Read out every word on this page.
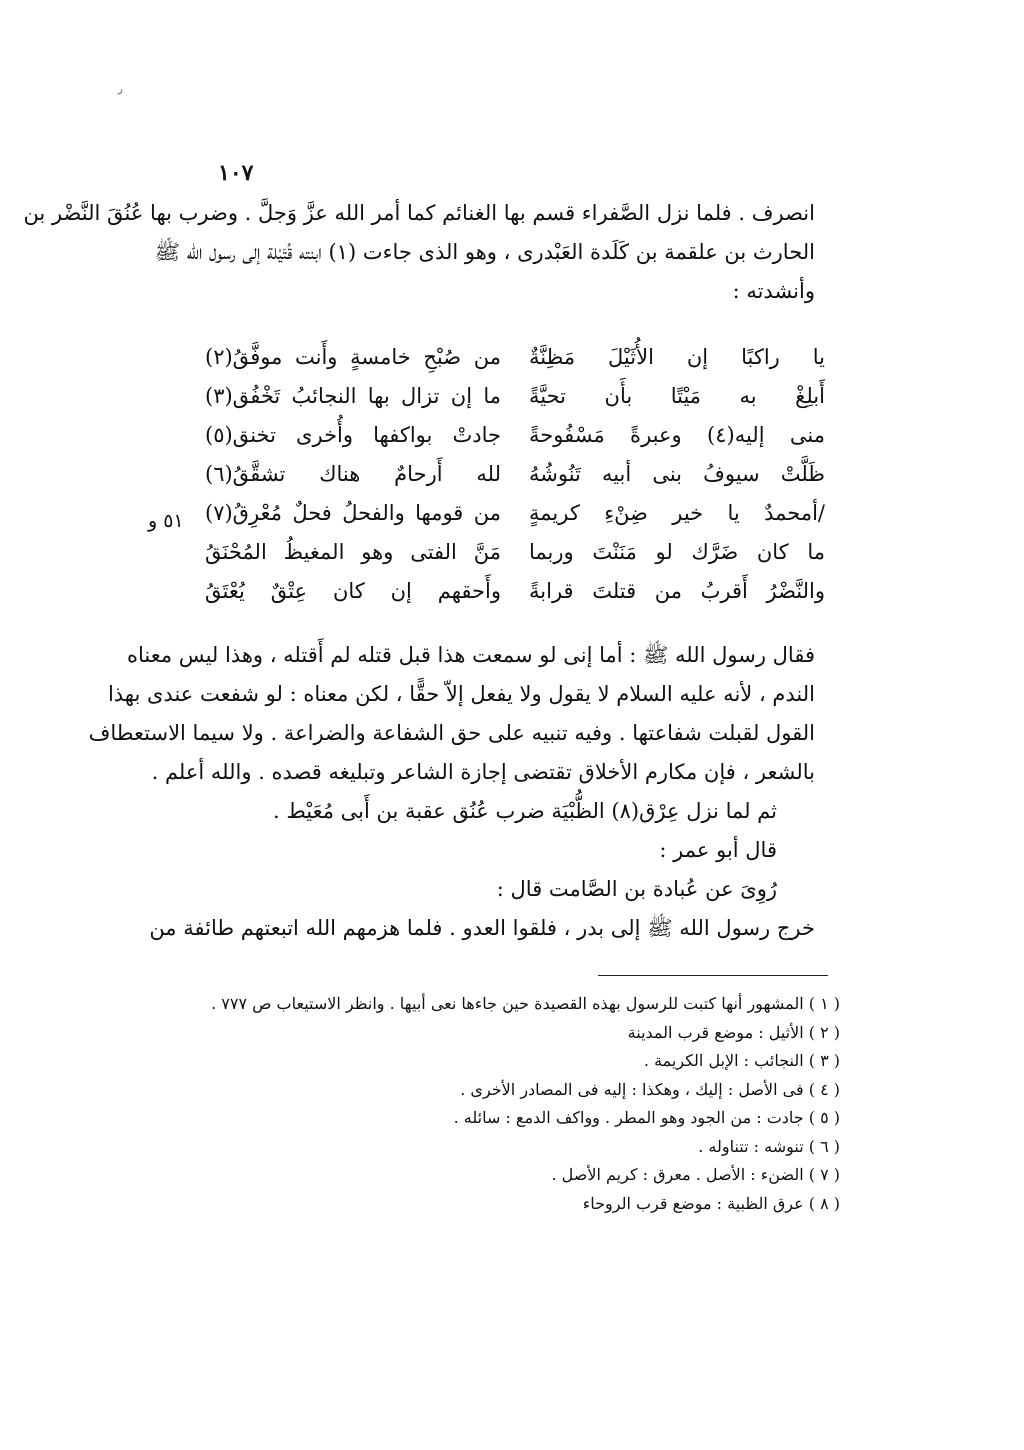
ر
١٠٧
انصرف . فلما نزل الصَّفراء قسم بها الغنائم كما أمر الله عزَّ وَجلَّ . وضرب بها عُنُقَ النَّضْر بن
الحارث بن علقمة بن كَلَدة العَبْدرى ، وهو الذى جاءت (١) ابنته قُتَيْلة إلى رسول الله ﷺ
وأنشدته :
يا راكبًا إن الأُثَيْلَ مَظِنَّةٌ
من صُبْحِ خامسةٍ وأَنت موفَّقُ(٢)
أَبلِغْ به مَيْتًا بأَن تحيَّةً
ما إن تزال بها النجائبُ تَخْفُق(٣)
منى إليه(٤) وعبرةً مَسْفُوحةً
جادتْ بواكفها وأُخرى تخنق(٥)
ظَلَّتْ سيوفُ بنى أبيه تَنُوشُهُ
لله أَرحامٌ هناك تشقَّقُ(٦)
/أمحمدٌ يا خير ضِنْءِ كريمةٍ
من قومها والفحلُ فحلٌ مُعْرِقُ(٧)
ما كان ضَرَّك لو مَنَنْتَ وربما
مَنَّ الفتى وهو المغيظُ المُحْنَقُ
والنَّضْرُ أَقربُ من قتلتَ قرابةً
وأَحقهم إن كان عِتْقٌ يُعْتَقُ
٥١ و
فقال رسول الله ﷺ : أما إنى لو سمعت هذا قبل قتله لم أَقتله ، وهذا ليس معناه
الندم ، لأنه عليه السلام لا يقول ولا يفعل إلاّ حقًّا ، لكن معناه : لو شفعت عندى بهذا
القول لقبلت شفاعتها . وفيه تنبيه على حق الشفاعة والضراعة . ولا سيما الاستعطاف
بالشعر ، فإن مكارم الأخلاق تقتضى إجازة الشاعر وتبليغه قصده . والله أعلم .
ثم لما نزل عِرْق(٨) الظُّبْيَة ضرب عُنُق عقبة بن أَبى مُعَيْط .
قال أبو عمر :
رُوِىَ عن عُبادة بن الصَّامت قال :
خرج رسول الله ﷺ إلى بدر ، فلقوا العدو . فلما هزمهم الله اتبعتهم طائفة من
( ١ ) المشهور أنها كتبت للرسول بهذه القصيدة حين جاءها نعى أبيها . وانظر الاستيعاب ص ٧٧٧ .
( ٢ ) الأثيل : موضع قرب المدينة
( ٣ ) النجائب : الإبل الكريمة .
( ٤ ) فى الأصل : إليك ، وهكذا : إليه فى المصادر الأخرى .
( ٥ ) جادت : من الجود وهو المطر . وواكف الدمع : سائله .
( ٦ ) تنوشه : تتناوله .
( ٧ ) الضنء : الأصل . معرق : كريم الأصل .
( ٨ ) عرق الظبية : موضع قرب الروحاء
